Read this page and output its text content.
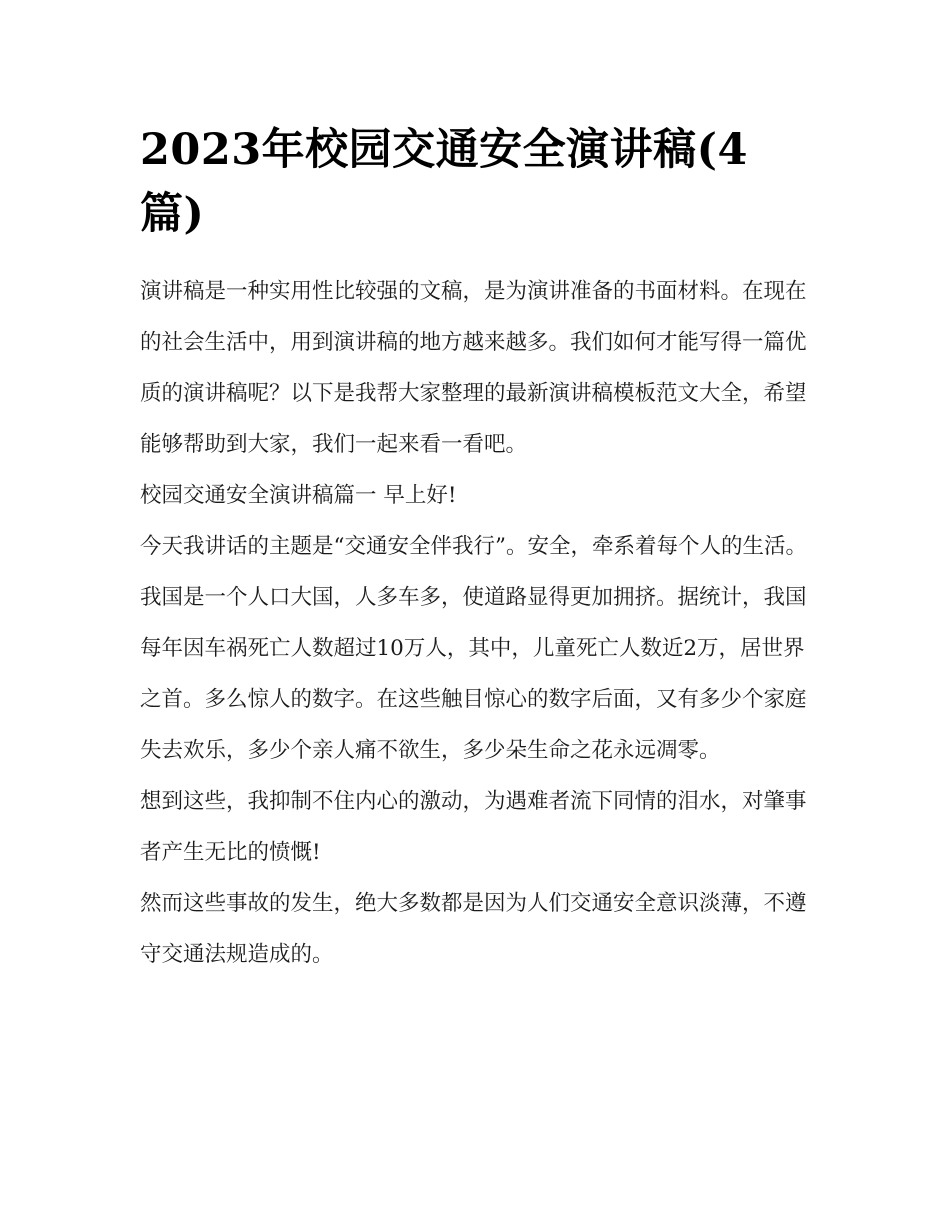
2023年校园交通安全演讲稿(4篇)

演讲稿是一种实用性比较强的文稿，是为演讲准备的书面材料。在现在的社会生活中，用到演讲稿的地方越来越多。我们如何才能写得一篇优质的演讲稿呢？以下是我帮大家整理的最新演讲稿模板范文大全，希望能够帮助到大家，我们一起来看一看吧。

校园交通安全演讲稿篇一 早上好!

今天我讲话的主题是“交通安全伴我行”。安全，牵系着每个人的生活。我国是一个人口大国，人多车多，使道路显得更加拥挤。据统计，我国每年因车祸死亡人数超过10万人，其中，儿童死亡人数近2万，居世界之首。多么惊人的数字。在这些触目惊心的数字后面，又有多少个家庭失去欢乐，多少个亲人痛不欲生，多少朵生命之花永远凋零。

想到这些，我抑制不住内心的激动，为遇难者流下同情的泪水，对肇事者产生无比的愤慨!

然而这些事故的发生，绝大多数都是因为人们交通安全意识淡薄，不遵守交通法规造成的。
